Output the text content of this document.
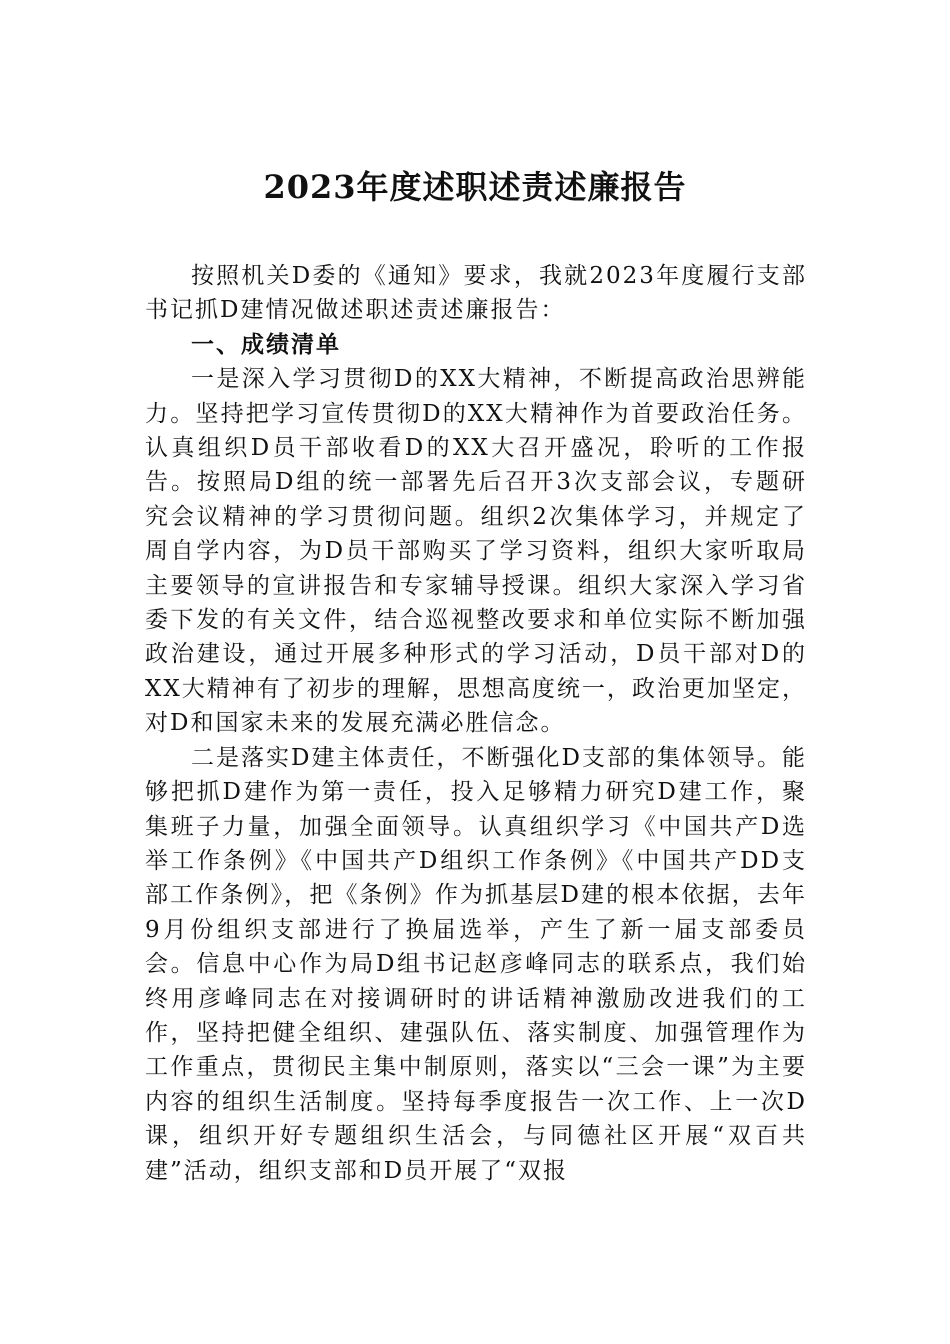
2023年度述职述责述廉报告

按照机关D委的《通知》要求，我就2023年度履行支部书记抓D建情况做述职述责述廉报告：

一、成绩清单

一是深入学习贯彻D的XX大精神，不断提高政治思辨能力。坚持把学习宣传贯彻D的XX大精神作为首要政治任务。认真组织D员干部收看D的XX大召开盛况，聆听的工作报告。按照局D组的统一部署先后召开3次支部会议，专题研究会议精神的学习贯彻问题。组织2次集体学习，并规定了周自学内容，为D员干部购买了学习资料，组织大家听取局主要领导的宣讲报告和专家辅导授课。组织大家深入学习省委下发的有关文件，结合巡视整改要求和单位实际不断加强政治建设，通过开展多种形式的学习活动，D员干部对D的XX大精神有了初步的理解，思想高度统一，政治更加坚定，对D和国家未来的发展充满必胜信念。

二是落实D建主体责任，不断强化D支部的集体领导。能够把抓D建作为第一责任，投入足够精力研究D建工作，聚集班子力量，加强全面领导。认真组织学习《中国共产D选举工作条例》《中国共产D组织工作条例》《中国共产DD支部工作条例》，把《条例》作为抓基层D建的根本依据，去年9月份组织支部进行了换届选举，产生了新一届支部委员会。信息中心作为局D组书记赵彦峰同志的联系点，我们始终用彦峰同志在对接调研时的讲话精神激励改进我们的工作，坚持把健全组织、建强队伍、落实制度、加强管理作为工作重点，贯彻民主集中制原则，落实以“三会一课”为主要内容的组织生活制度。坚持每季度报告一次工作、上一次D课，组织开好专题组织生活会，与同德社区开展“双百共建”活动，组织支部和D员开展了“双报
